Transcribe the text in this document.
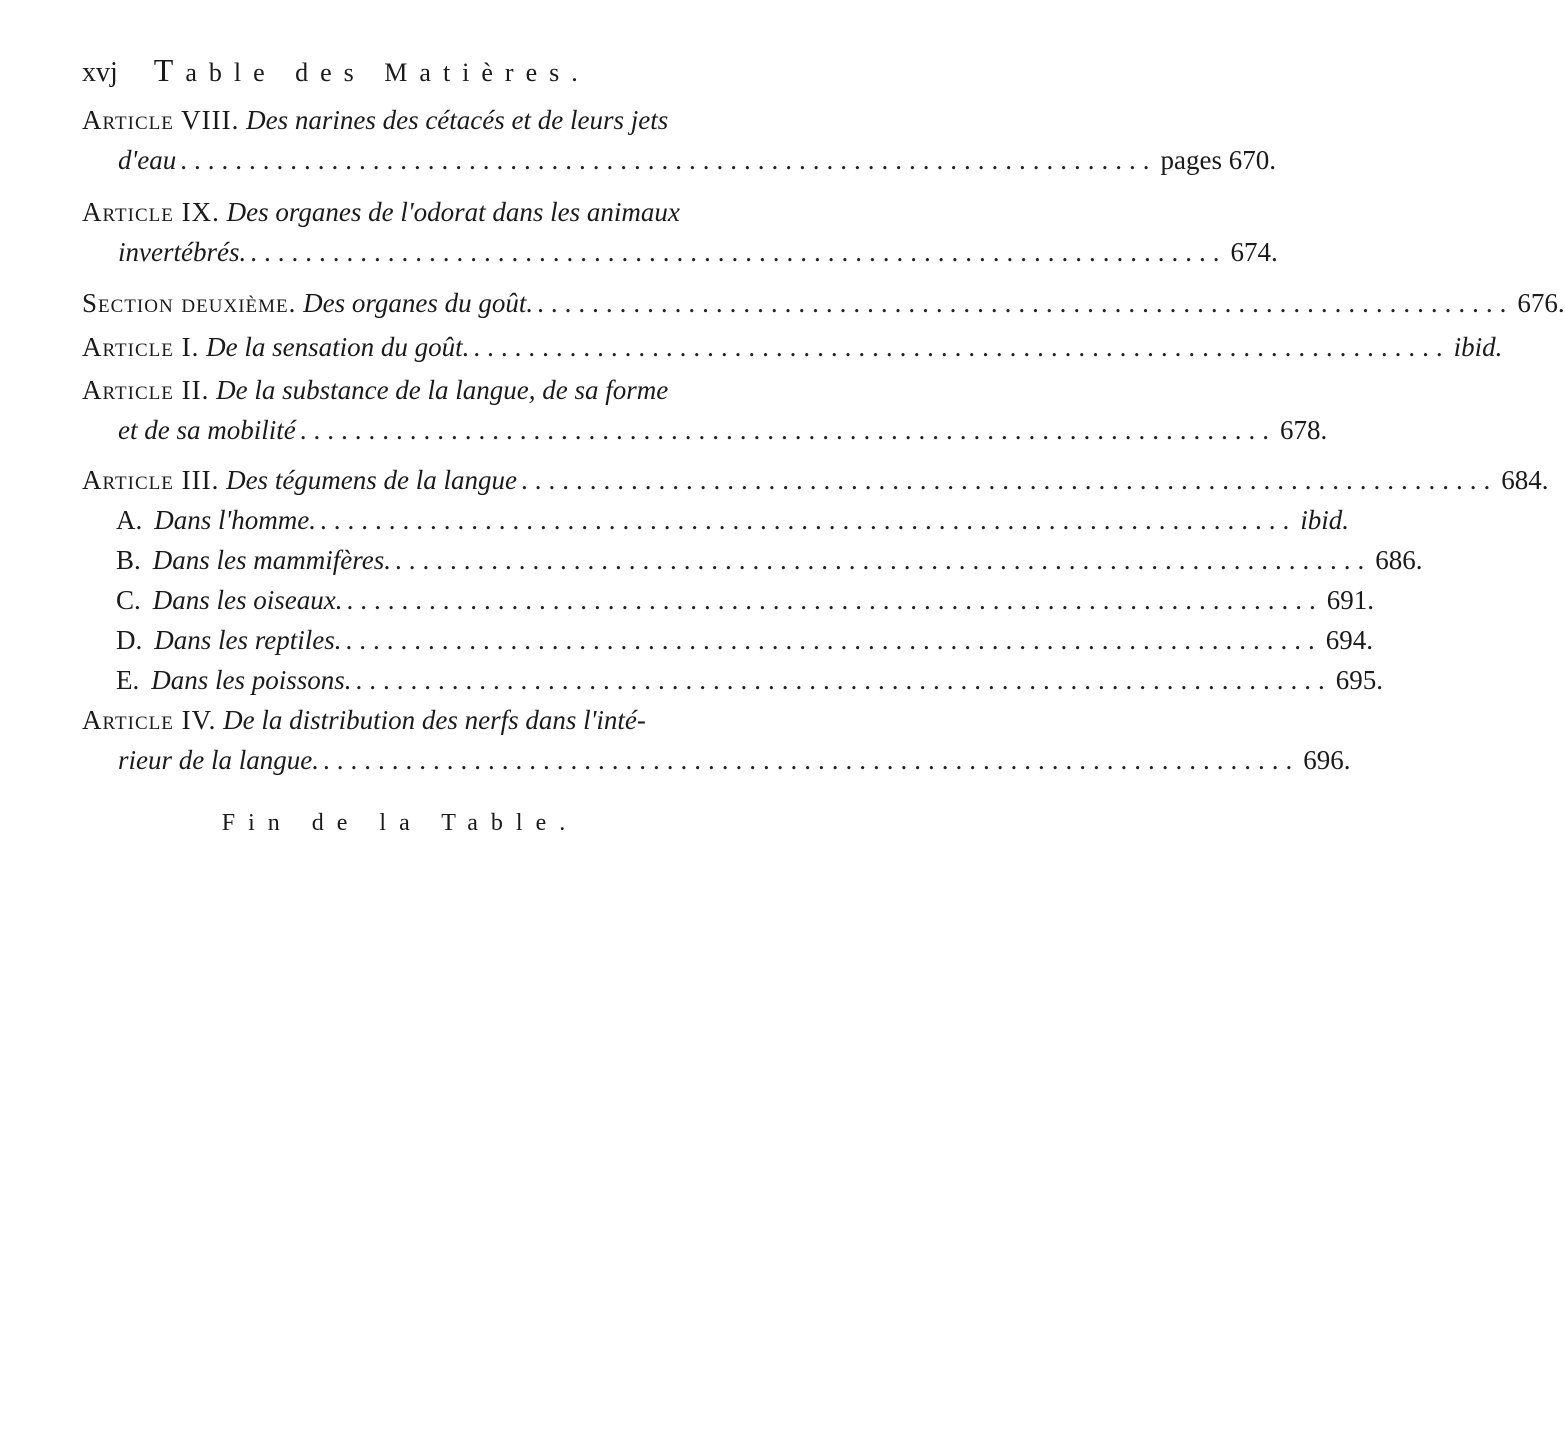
xvj Table des Matières.
Article VIII.
Des narines des cétacés et de leurs jets
d'eau ....................................................................... pages 670.
Article IX.
Des organes de l'odorat dans les animaux
invertébrés. ....................................................................... 674.
Section deuxième.
Des organes du goût. ....................................................................... 676.
Article I.
De la sensation du goût. ....................................................................... ibid.
Article II.
De la substance de la langue, de sa forme
et de sa mobilité ....................................................................... 678.
Article III.
Des tégumens de la langue ....................................................................... 684.
A. Dans l'homme. ....................................................................... ibid.
B. Dans les mammifères. ....................................................................... 686.
C. Dans les oiseaux. ....................................................................... 691.
D. Dans les reptiles. ....................................................................... 694.
E. Dans les poissons. ....................................................................... 695.
Article IV.
De la distribution des nerfs dans l'inté-
rieur de la langue. ....................................................................... 696.
Fin de la Table.
